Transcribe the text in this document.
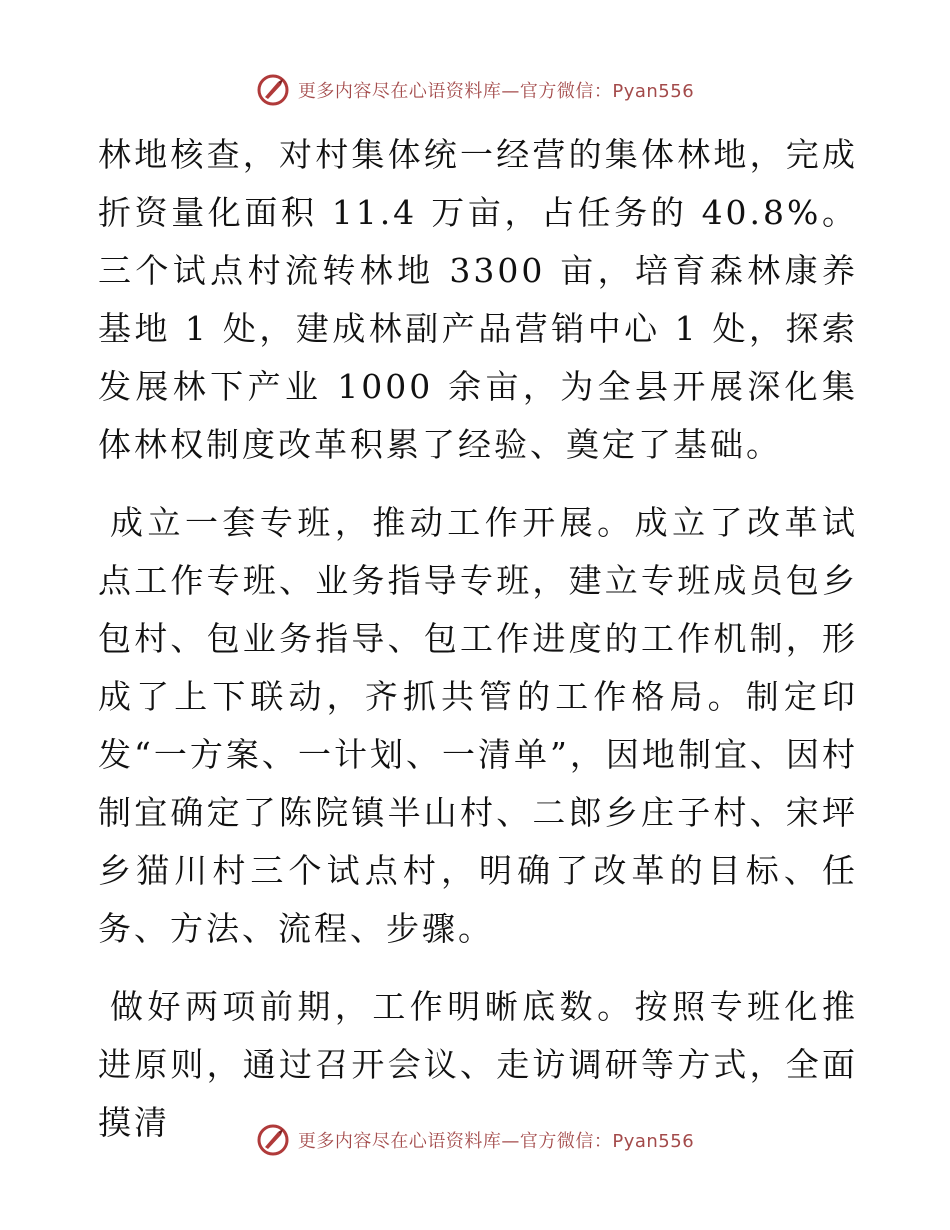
更多内容尽在心语资料库—官方微信：Pyan556

林地核查，对村集体统一经营的集体林地，完成折资量化面积 11.4 万亩，占任务的 40.8%。三个试点村流转林地 3300 亩，培育森林康养基地 1 处，建成林副产品营销中心 1 处，探索发展林下产业 1000 余亩，为全县开展深化集体林权制度改革积累了经验、奠定了基础。

成立一套专班，推动工作开展。成立了改革试点工作专班、业务指导专班，建立专班成员包乡包村、包业务指导、包工作进度的工作机制，形成了上下联动，齐抓共管的工作格局。制定印发“一方案、一计划、一清单”，因地制宜、因村制宜确定了陈院镇半山村、二郎乡庄子村、宋坪乡猫川村三个试点村，明确了改革的目标、任务、方法、流程、步骤。

做好两项前期，工作明晰底数。按照专班化推进原则，通过召开会议、走访调研等方式，全面摸清	更多内容尽在心语资料库—官方微信：Pyan556
